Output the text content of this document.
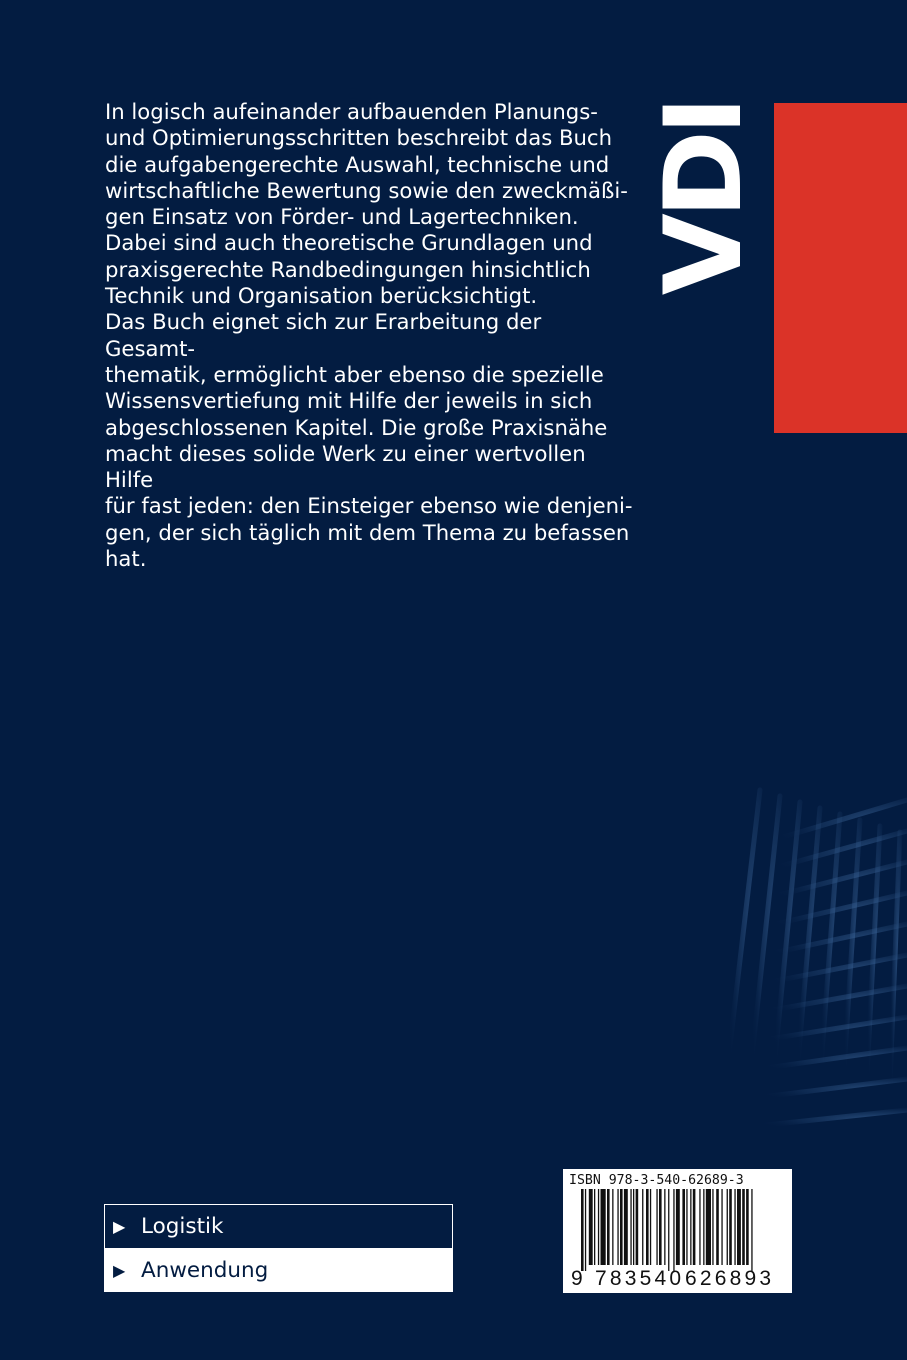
In logisch aufeinander aufbauenden Planungs-
und Optimierungsschritten beschreibt das Buch
die aufgabengerechte Auswahl, technische und
wirtschaftliche Bewertung sowie den zweckmäßi-
gen Einsatz von Förder- und Lagertechniken.
Dabei sind auch theoretische Grundlagen und
praxisgerechte Randbedingungen hinsichtlich
Technik und Organisation berücksichtigt.
Das Buch eignet sich zur Erarbeitung der Gesamt-
thematik, ermöglicht aber ebenso die spezielle
Wissensvertiefung mit Hilfe der jeweils in sich
abgeschlossenen Kapitel. Die große Praxisnähe
macht dieses solide Werk zu einer wertvollen Hilfe
für fast jeden: den Einsteiger ebenso wie denjeni-
gen, der sich täglich mit dem Thema zu befassen
hat.

VDI
▶ Logistik
▶ Anwendung
ISBN 978-3-540-62689-3
9 783540 626893
